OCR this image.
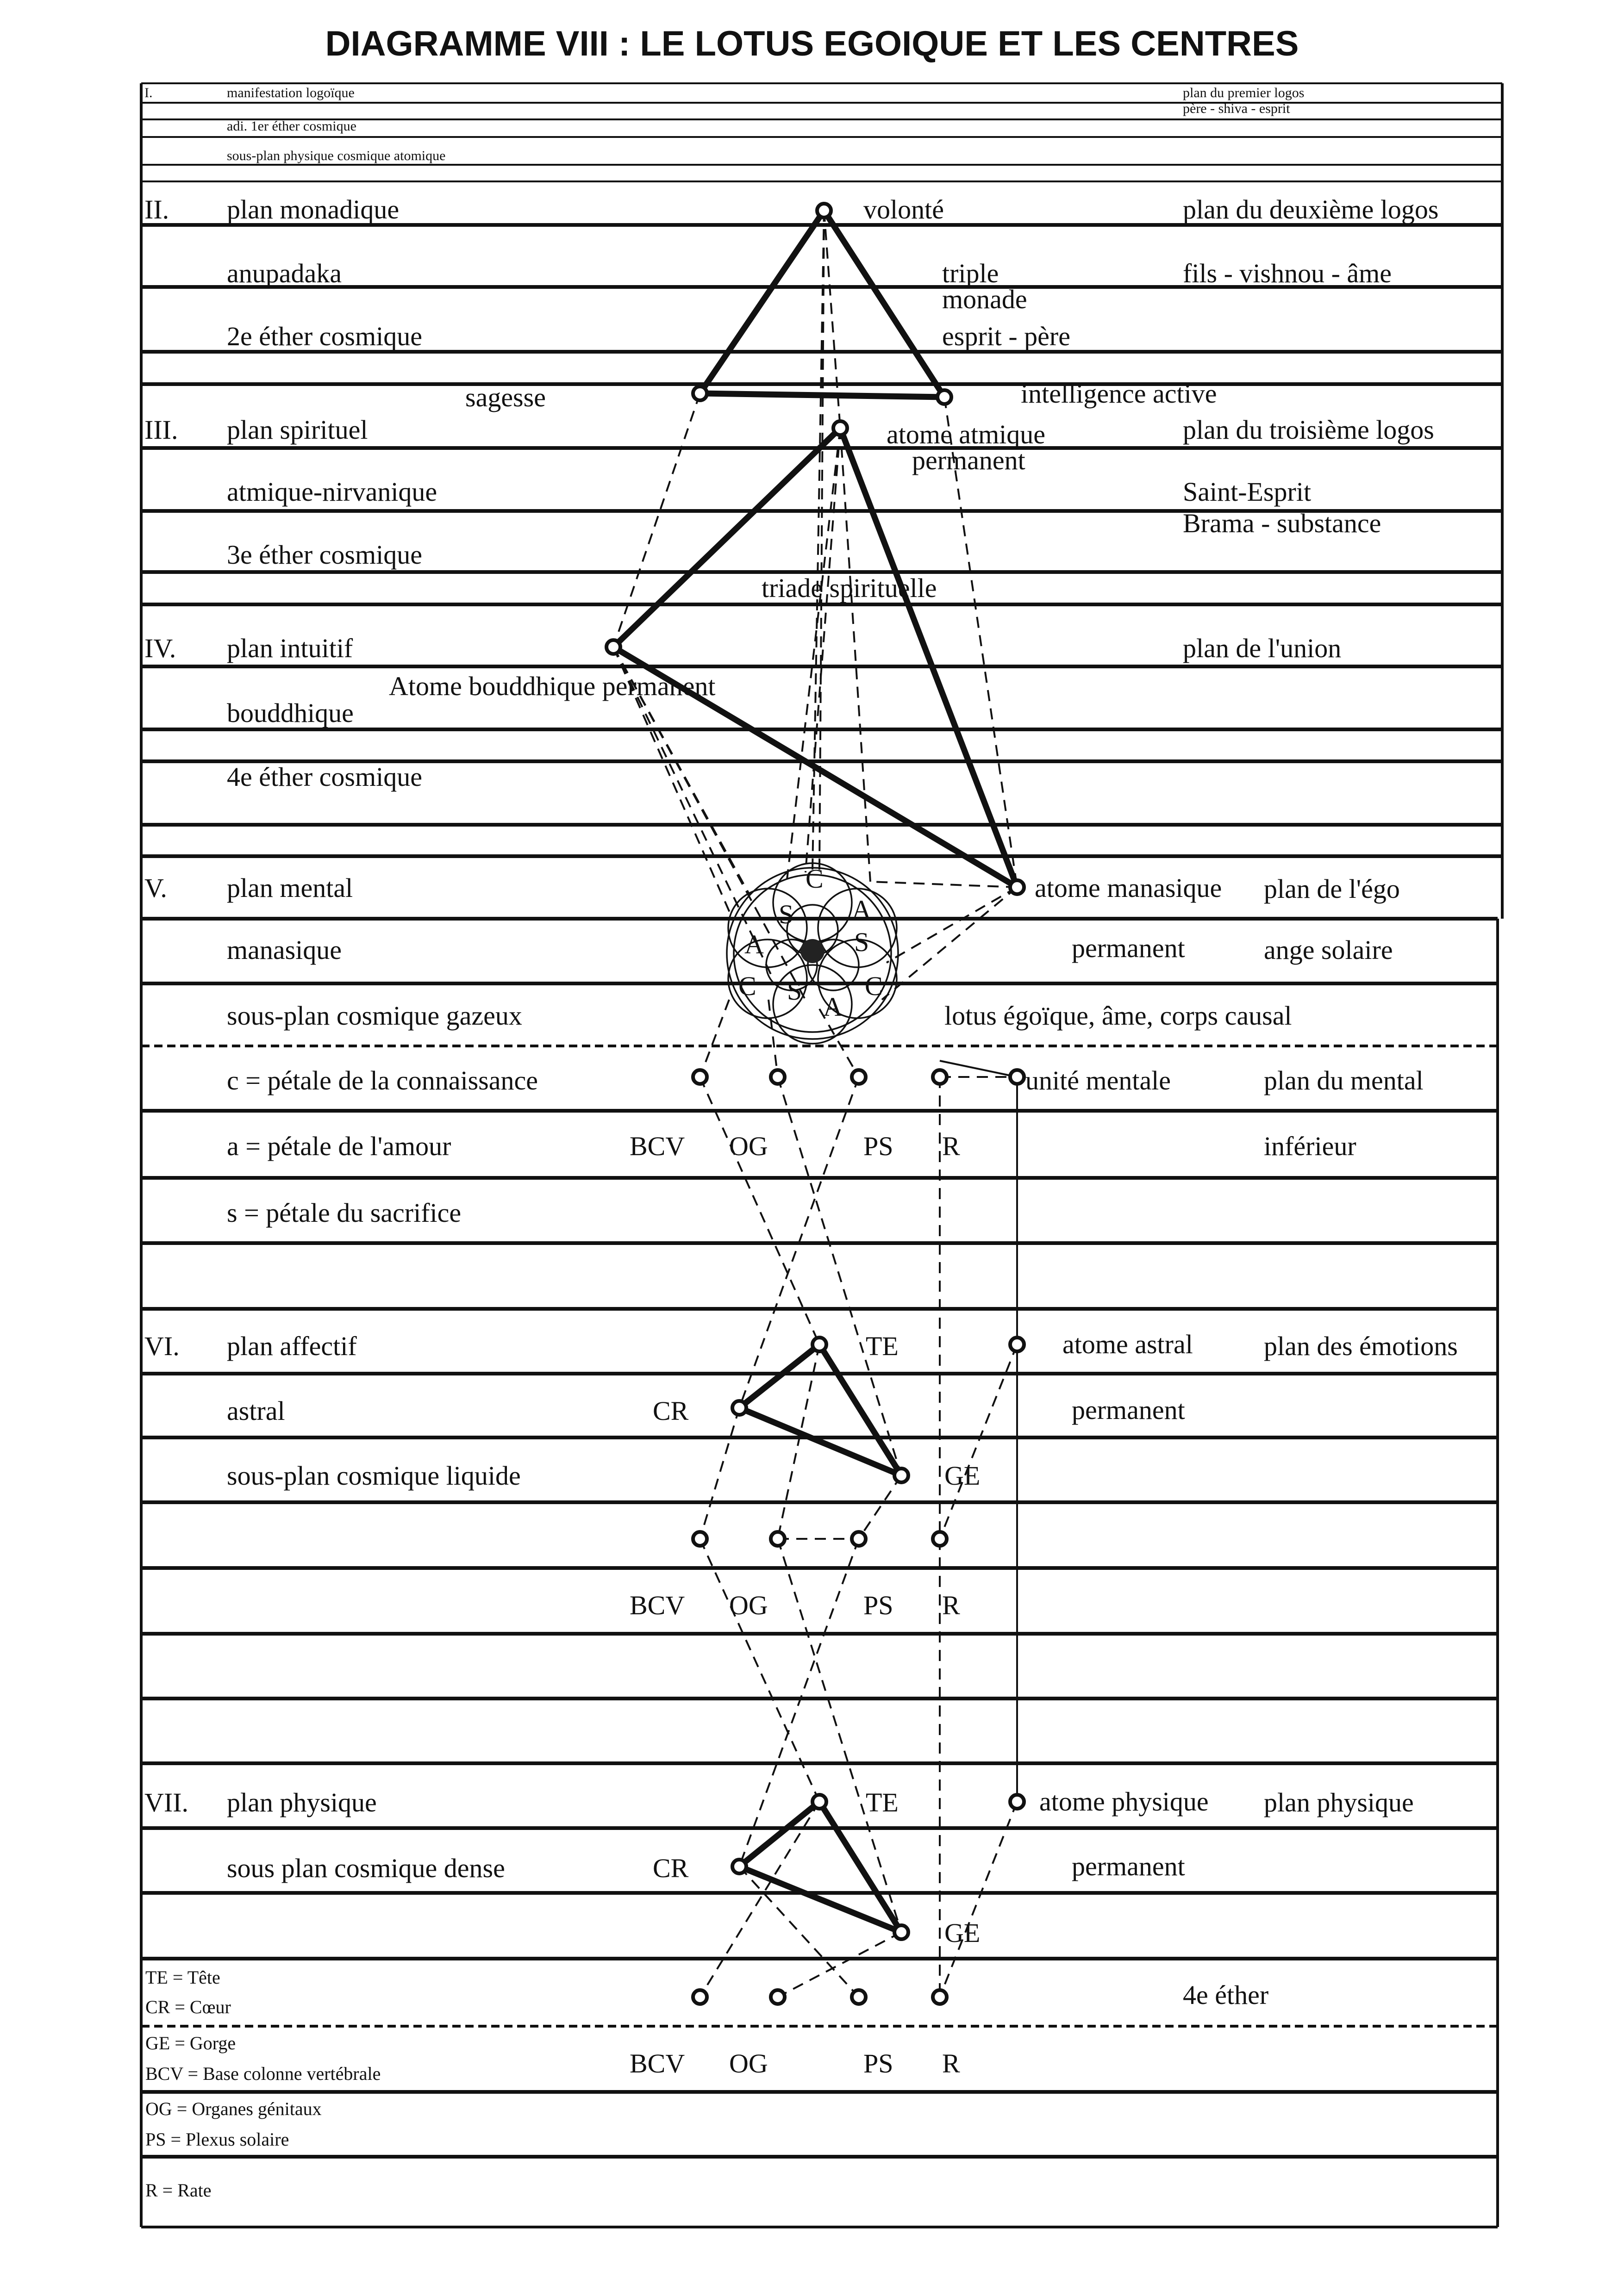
DIAGRAMME VIII : LE LOTUS EGOIQUE ET LES CENTRES
I.	manifestation logoïque
adi. 1er éther cosmique
sous-plan physique cosmique atomique
plan du premier logos
père - shiva - esprit
II. plan monadique
anupadaka
2e éther cosmique
plan du deuxième logos
fils - vishnou - âme
volonté
triple
monade
esprit - père
sagesse	intelligence active
III. plan spirituel
atmique-nirvanique
3e éther cosmique
plan du troisième logos
Saint-Esprit
Brama - substance
atome atmique
permanent
triade spirituelle
IV. plan intuitif
bouddhique
4e éther cosmique
plan de l'union
Atome bouddhique permanent
V. plan mental
manasique
sous-plan cosmique gazeux
c = pétale de la connaissance
a = pétale de l'amour
s = pétale du sacrifice
atome manasique plan de l'égo
permanent	ange solaire
lotus égoïque, âme, corps causal
unité mentale	plan du mental
inférieur
BCV OG	PS R
VI. plan affectif
astral
sous-plan cosmique liquide
plan des émotions
atome astral
permanent
TE
CR
GE
BCV OG	PS R
VII. plan physique
sous plan cosmique dense
plan physique
atome physique
permanent
4e éther
TE
CR
GE
BCV OG	PS R
TE = Tête
CR = Cœur
GE = Gorge
BCV = Base colonne vertébrale
OG = Organes génitaux
PS = Plexus solaire
R = Rate
C
A
S
S
A
C S
A
C
